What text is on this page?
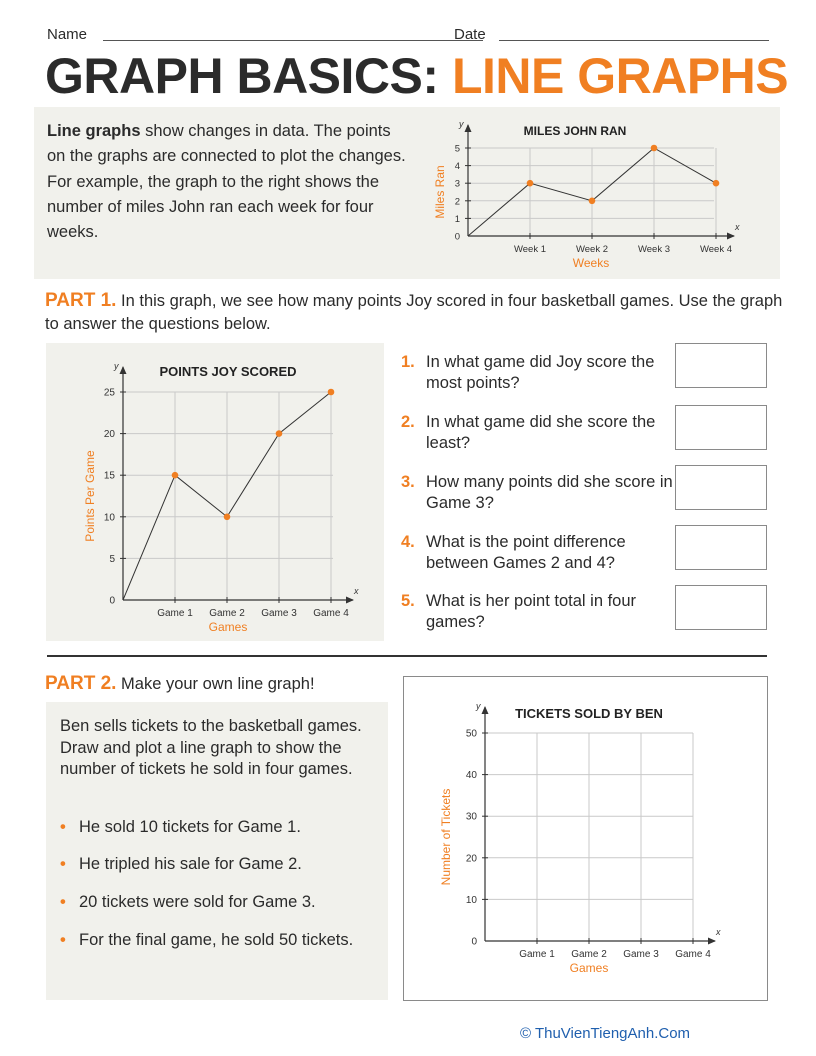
Name	Date
GRAPH BASICS: LINE GRAPHS
Line graphs show changes in data. The points on the graphs are connected to plot the changes. For example, the graph to the right shows the number of miles John ran each week for four weeks.
y
x
0
1
2
3
4
5
Week 1	Week 2	Week 3	Week 4
MILES JOHN RAN
Weeks
Miles Ran
PART 1. In this graph, we see how many points Joy scored in four basketball games. Use the graph to answer the questions below.
y
x
0
5
10
15
20
25
Game 1 Game 2 Game 3 Game 4
POINTS JOY SCORED
Games
Points Per Game
1. In what game did Joy score the most points?
2. In what game did she score the least?
3. How many points did she score in Game 3?
4. What is the point difference between Games 2 and 4?
5. What is her point total in four games?
PART 2. Make your own line graph!
Ben sells tickets to the basketball games. Draw and plot a line graph to show the number of tickets he sold in four games.
• He sold 10 tickets for Game 1.
• He tripled his sale for Game 2.
• 20 tickets were sold for Game 3.
• For the final game, he sold 50 tickets.
y
x
0
10
20
30
40
50
Game 1 Game 2 Game 3 Game 4
TICKETS SOLD BY BEN
Games
Number of Tickets
© ThuVienTiengAnh.Com
